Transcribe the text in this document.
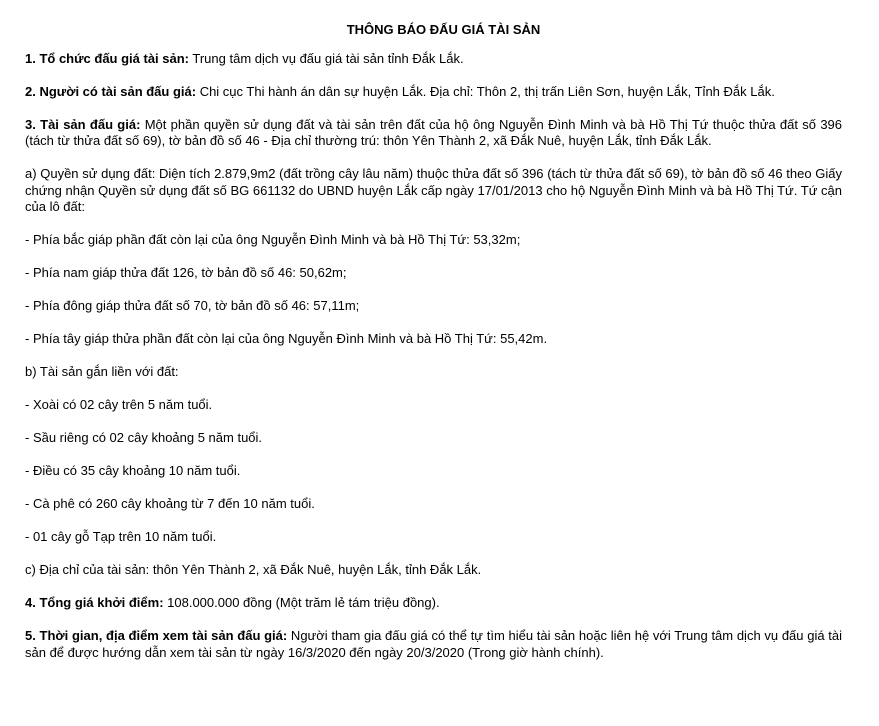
THÔNG BÁO ĐẤU GIÁ TÀI SẢN

1. Tổ chức đấu giá tài sản: Trung tâm dịch vụ đấu giá tài sản tỉnh Đắk Lắk.

2. Người có tài sản đấu giá: Chi cục Thi hành án dân sự huyện Lắk. Địa chỉ: Thôn 2, thị trấn Liên Sơn, huyện Lắk, Tỉnh Đắk Lắk.

3. Tài sản đấu giá: Một phần quyền sử dụng đất và tài sản trên đất của hộ ông Nguyễn Đình Minh và bà Hồ Thị Tứ thuộc thửa đất số 396 (tách từ thửa đất số 69), tờ bản đồ số 46 - Địa chỉ thường trú: thôn Yên Thành 2, xã Đắk Nuê, huyện Lắk, tỉnh Đắk Lắk.

a) Quyền sử dụng đất: Diện tích 2.879,9m2 (đất trồng cây lâu năm) thuộc thửa đất số 396 (tách từ thửa đất số 69), tờ bản đồ số 46 theo Giấy chứng nhận Quyền sử dụng đất số BG 661132 do UBND huyện Lắk cấp ngày 17/01/2013 cho hộ Nguyễn Đình Minh và bà Hồ Thị Tứ. Tứ cận của lô đất:

- Phía bắc giáp phần đất còn lại của ông Nguyễn Đình Minh và bà Hồ Thị Tứ: 53,32m;

- Phía nam giáp thửa đất 126, tờ bản đồ số 46: 50,62m;

- Phía đông giáp thửa đất số 70, tờ bản đồ số 46: 57,11m;

- Phía tây giáp thửa phần đất còn lại của ông Nguyễn Đình Minh và bà Hồ Thị Tứ: 55,42m.

b) Tài sản gắn liền với đất:

- Xoài có 02 cây trên 5 năm tuổi.

- Sầu riêng có 02 cây khoảng 5 năm tuổi.

- Điều có 35 cây khoảng 10 năm tuổi.

- Cà phê có 260 cây khoảng từ 7 đến 10 năm tuổi.

- 01 cây gỗ Tạp trên 10 năm tuổi.

c) Địa chỉ của tài sản: thôn Yên Thành 2, xã Đắk Nuê, huyện Lắk, tỉnh Đắk Lắk.

4. Tổng giá khởi điểm: 108.000.000 đồng (Một trăm lẻ tám triệu đồng).

5. Thời gian, địa điểm xem tài sản đấu giá: Người tham gia đấu giá có thể tự tìm hiểu tài sản hoặc liên hệ với Trung tâm dịch vụ đấu giá tài sản để được hướng dẫn xem tài sản từ ngày 16/3/2020 đến ngày 20/3/2020 (Trong giờ hành chính).
